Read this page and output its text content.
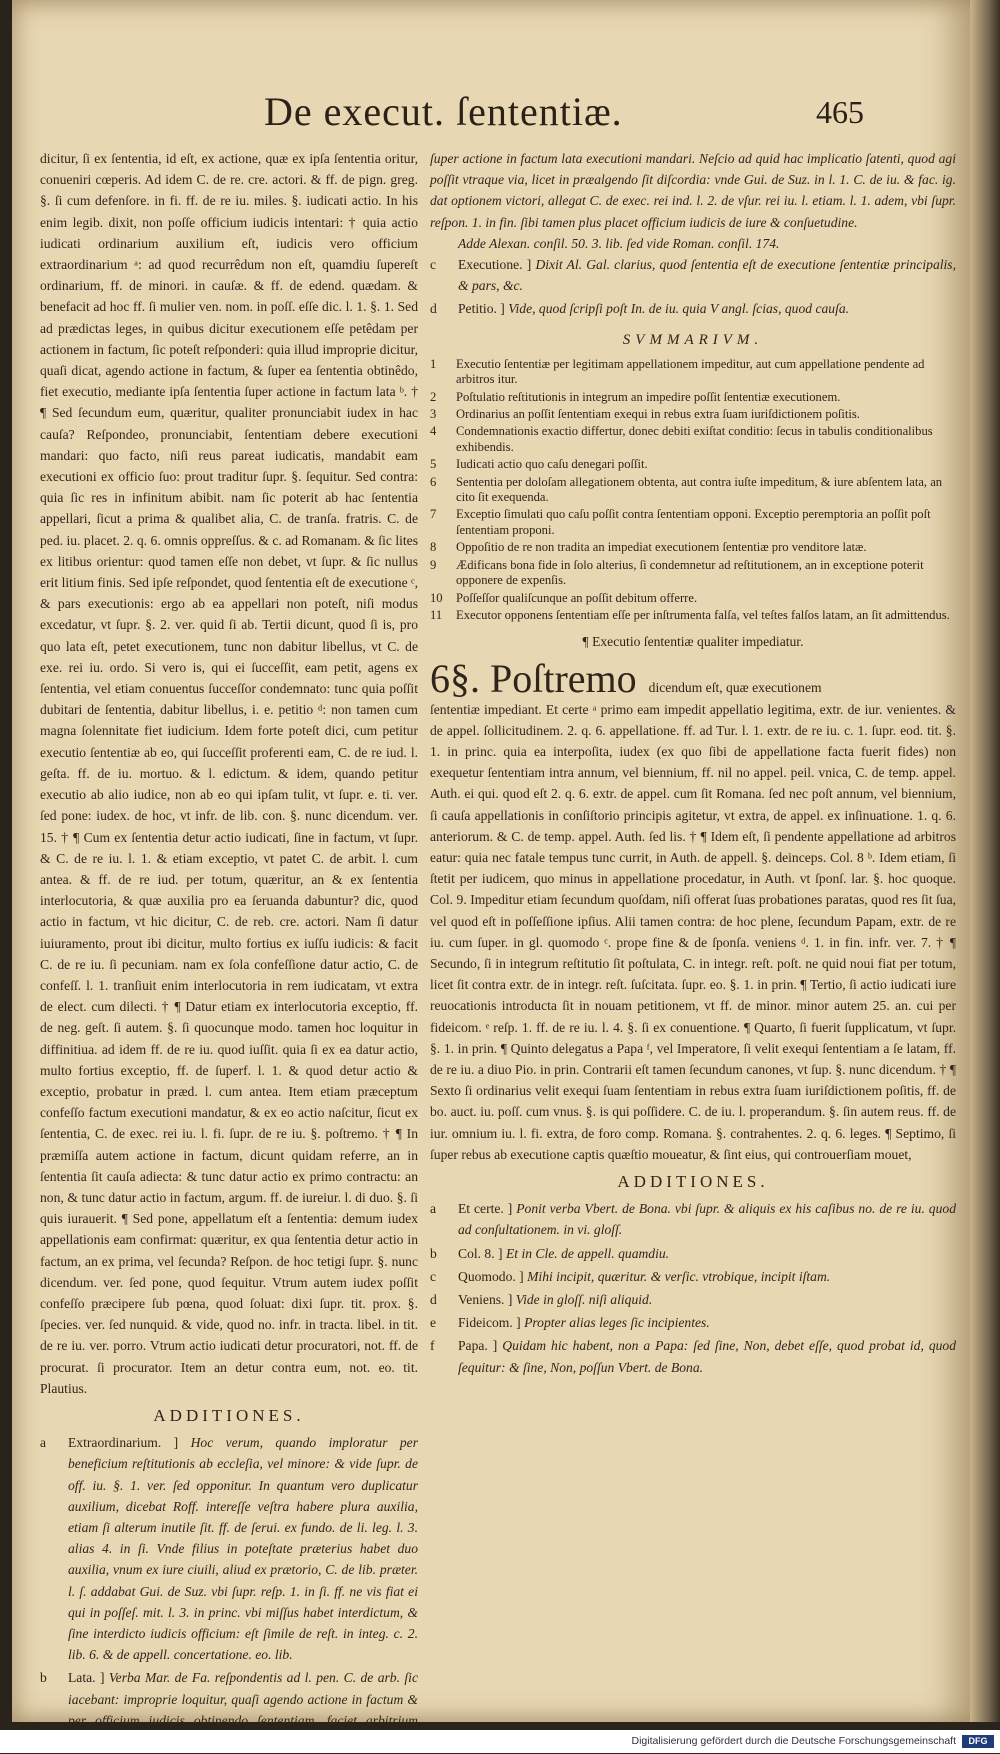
De execut. ſententiæ.	465

dicitur, ſi ex ſententia, id eſt, ex actione, quæ ex ipſa ſententia oritur, conueniri cœperis. Ad idem C. de re. cre. actori. & ff. de pign. greg. §. ſi cum defenſore. in fi. ff. de re iu. miles. §. iudicati actio. In his enim legib. dixit, non poſſe officium iudicis intentari: † quia actio iudicati ordinarium auxilium eſt, iudicis vero officium extraordinarium ᵃ: ad quod recurrêdum non eſt, quamdiu ſupereſt ordinarium, ff. de minori. in cauſæ. & ff. de edend. quædam. & benefacit ad hoc ff. ſi mulier ven. nom. in poſſ. eſſe dic. l. 1. §. 1. Sed ad prædictas leges, in quibus dicitur executionem eſſe petêdam per actionem in factum, ſic poteſt reſponderi: quia illud improprie dicitur, quaſi dicat, agendo actione in factum, & ſuper ea ſententia obtinêdo, fiet executio, mediante ipſa ſententia ſuper actione in factum lata ᵇ. † ¶ Sed ſecundum eum, quæritur, qualiter pronunciabit iudex in hac cauſa? Reſpondeo, pronunciabit, ſententiam debere executioni mandari: quo facto, niſi reus pareat iudicatis, mandabit eam executioni ex officio ſuo: prout traditur ſupr. §. ſequitur. Sed contra: quia ſic res in infinitum abibit. nam ſic poterit ab hac ſententia appellari, ſicut a prima & qualibet alia, C. de tranſa. fratris. C. de ped. iu. placet. 2. q. 6. omnis oppreſſus. & c. ad Romanam. & ſic lites ex litibus orientur: quod tamen eſſe non debet, vt ſupr. & ſic nullus erit litium finis. Sed ipſe reſpondet, quod ſententia eſt de executione ᶜ, & pars executionis: ergo ab ea appellari non poteſt, niſi modus excedatur, vt ſupr. §. 2. ver. quid ſi ab. Tertii dicunt, quod ſi is, pro quo lata eſt, petet executionem, tunc non dabitur libellus, vt C. de exe. rei iu. ordo. Si vero is, qui ei ſucceſſit, eam petit, agens ex ſententia, vel etiam conuentus ſucceſſor condemnato: tunc quia poſſit dubitari de ſententia, dabitur libellus, i. e. petitio ᵈ: non tamen cum magna ſolennitate fiet iudicium. Idem forte poteſt dici, cum petitur executio ſententiæ ab eo, qui ſucceſſit proferenti eam, C. de re iud. l. geſta. ff. de iu. mortuo. & l. edictum. & idem, quando petitur executio ab alio iudice, non ab eo qui ipſam tulit, vt ſupr. e. ti. ver. ſed pone: iudex. de hoc, vt infr. de lib. con. §. nunc dicendum. ver. 15. † ¶ Cum ex ſententia detur actio iudicati, ſine in factum, vt ſupr. & C. de re iu. l. 1. & etiam exceptio, vt patet C. de arbit. l. cum antea. & ff. de re iud. per totum, quæritur, an & ex ſententia interlocutoria, & quæ auxilia pro ea ſeruanda dabuntur? dic, quod actio in factum, vt hic dicitur, C. de reb. cre. actori. Nam ſi datur iuiuramento, prout ibi dicitur, multo fortius ex iuſſu iudicis: & facit C. de re iu. ſi pecuniam. nam ex ſola confeſſione datur actio, C. de confeſſ. l. 1. tranſiuit enim interlocutoria in rem iudicatam, vt extra de elect. cum dilecti. † ¶ Datur etiam ex interlocutoria exceptio, ff. de neg. geſt. ſi autem. §. ſi quocunque modo. tamen hoc loquitur in diffinitiua. ad idem ff. de re iu. quod iuſſit. quia ſi ex ea datur actio, multo fortius exceptio, ff. de ſuperf. l. 1. & quod detur actio & exceptio, probatur in præd. l. cum antea. Item etiam præceptum confeſſo factum executioni mandatur, & ex eo actio naſcitur, ſicut ex ſententia, C. de exec. rei iu. l. fi. ſupr. de re iu. §. poſtremo. † ¶ In præmiſſa autem actione in factum, dicunt quidam referre, an in ſententia ſit cauſa adiecta: & tunc datur actio ex primo contractu: an non, & tunc datur actio in factum, argum. ff. de iureiur. l. di duo. §. ſi quis iurauerit. ¶ Sed pone, appellatum eſt a ſententia: demum iudex appellationis eam confirmat: quæritur, ex qua ſententia detur actio in factum, an ex prima, vel ſecunda? Reſpon. de hoc tetigi ſupr. §. nunc dicendum. ver. ſed pone, quod ſequitur. Vtrum autem iudex poſſit confeſſo præcipere ſub pœna, quod ſoluat: dixi ſupr. tit. prox. §. ſpecies. ver. ſed nunquid. & vide, quod no. infr. in tracta. libel. in tit. de re iu. ver. porro. Vtrum actio iudicati detur procuratori, not. ff. de procurat. ſi procurator. Item an detur contra eum, not. eo. tit. Plautius.

ADDITIONES.
a	Extraordinarium. ] Hoc verum, quando imploratur per beneficium reſtitutionis ab eccleſia, vel minore: & vide ſupr. de off. iu. §. 1. ver. ſed opponitur. In quantum vero duplicatur auxilium, dicebat Roff. intereſſe veſtra habere plura auxilia, etiam ſi alterum inutile ſit. ff. de ſerui. ex fundo. de li. leg. l. 3. alias 4. in ſi. Vnde filius in poteſtate præterius habet duo auxilia, vnum ex iure ciuili, aliud ex prætorio, C. de lib. præter. l. ſ. addabat Gui. de Suz. vbi ſupr. reſp. 1. in ſi. ff. ne vis fiat ei qui in poſſeſ. mit. l. 3. in princ. vbi miſſus habet interdictum, & ſine interdicto iudicis officium: eſt ſimile de reſt. in integ. c. 2. lib. 6. & de appell. concertatione. eo. lib.
b	Lata. ] Verba Mar. de Fa. reſpondentis ad l. pen. C. de arb. ſic iacebant: improprie loquitur, quaſi agendo actione in factum & per officium iudicis obtinendo ſententiam, faciet arbitrium

ſuper actione in factum lata executioni mandari. Neſcio ad quid hac implicatio ſatenti, quod agi poſſit vtraque via, licet in præalgendo ſit diſcordia: vnde Gui. de Suz. in l. 1. C. de iu. & fac. ig. dat optionem victori, allegat C. de exec. rei ind. l. 2. de vſur. rei iu. l. etiam. l. 1. adem, vbi ſupr. reſpon. 1. in fin. ſibi tamen plus placet officium iudicis de iure & conſuetudine.

Adde Alexan. conſil. 50. 3. lib. ſed vide Roman. conſil. 174.

c	Executione. ] Dixit Al. Gal. clarius, quod ſententia eſt de executione ſententiæ principalis, & pars, &c.
d	Petitio. ] Vide, quod ſcripſi poſt In. de iu. quia V angl. ſcias, quod cauſa.
SVMMARIVM.
1	Executio ſententiæ per legitimam appellationem impeditur, aut cum appellatione pendente ad arbitros itur.
2	Poſtulatio reſtitutionis in integrum an impedire poſſit ſententiæ executionem.
3	Ordinarius an poſſit ſententiam exequi in rebus extra ſuam iuriſdictionem poſitis.
4	Condemnationis exactio differtur, donec debiti exiſtat conditio: ſecus in tabulis conditionalibus exhibendis.
5	Iudicati actio quo caſu denegari poſſit.
6	Sententia per doloſam allegationem obtenta, aut contra iuſte impeditum, & iure abſentem lata, an cito ſit exequenda.
7	Exceptio ſimulati quo caſu poſſit contra ſententiam opponi. Exceptio peremptoria an poſſit poſt ſententiam proponi.
8	Oppoſitio de re non tradita an impediat executionem ſententiæ pro venditore latæ.
9	Ædificans bona fide in ſolo alterius, ſi condemnetur ad reſtitutionem, an in exceptione poterit opponere de expenſis.
10	Poſſeſſor qualiſcunque an poſſit debitum offerre.
11	Executor opponens ſententiam eſſe per inſtrumenta falſa, vel teſtes falſos latam, an ſit admittendus.
¶ Executio ſententiæ qualiter impediatur.
6§. Poſtremo dicendum eſt, quæ executionem

ſententiæ impediant. Et certe ᵃ primo eam impedit appellatio legitima, extr. de iur. venientes. & de appel. ſollicitudinem. 2. q. 6. appellatione. ff. ad Tur. l. 1. extr. de re iu. c. 1. ſupr. eod. tit. §. 1. in princ. quia ea interpoſita, iudex (ex quo ſibi de appellatione facta fuerit fides) non exequetur ſententiam intra annum, vel biennium, ff. nil no appel. peil. vnica, C. de temp. appel. Auth. ei qui. quod eſt 2. q. 6. extr. de appel. cum ſit Romana. ſed nec poſt annum, vel biennium, ſi cauſa appellationis in conſiſtorio principis agitetur, vt extra, de appel. ex inſinuatione. 1. q. 6. anteriorum. & C. de temp. appel. Auth. ſed lis. † ¶ Idem eſt, ſi pendente appellatione ad arbitros eatur: quia nec fatale tempus tunc currit, in Auth. de appell. §. deinceps. Col. 8 ᵇ. Idem etiam, ſi ſtetit per iudicem, quo minus in appellatione procedatur, in Auth. vt ſponſ. lar. §. hoc quoque. Col. 9. Impeditur etiam ſecundum quoſdam, niſi offerat ſuas probationes paratas, quod res ſit ſua, vel quod eſt in poſſeſſione ipſius. Alii tamen contra: de hoc plene, ſecundum Papam, extr. de re iu. cum ſuper. in gl. quomodo ᶜ. prope fine & de ſponſa. veniens ᵈ. 1. in fin. infr. ver. 7. † ¶ Secundo, ſi in integrum reſtitutio ſit poſtulata, C. in integr. reſt. poſt. ne quid noui fiat per totum, licet ſit contra extr. de in integr. reſt. ſuſcitata. ſupr. eo. §. 1. in prin. ¶ Tertio, ſi actio iudicati iure reuocationis introducta ſit in nouam petitionem, vt ff. de minor. minor autem 25. an. cui per fideicom. ᵉ reſp. 1. ff. de re iu. l. 4. §. ſi ex conuentione. ¶ Quarto, ſi fuerit ſupplicatum, vt ſupr. §. 1. in prin. ¶ Quinto delegatus a Papa ᶠ, vel Imperatore, ſi velit exequi ſententiam a ſe latam, ff. de re iu. a diuo Pio. in prin. Contrarii eſt tamen ſecundum canones, vt ſup. §. nunc dicendum. † ¶ Sexto ſi ordinarius velit exequi ſuam ſententiam in rebus extra ſuam iuriſdictionem poſitis, ff. de bo. auct. iu. poſſ. cum vnus. §. is qui poſſidere. C. de iu. l. properandum. §. ſin autem reus. ff. de iur. omnium iu. l. fi. extra, de foro comp. Romana. §. contrahentes. 2. q. 6. leges. ¶ Septimo, ſi ſuper rebus ab executione captis quæſtio moueatur, & ſint eius, qui controuerſiam mouet,

ADDITIONES.
a	Et certe. ] Ponit verba Vbert. de Bona. vbi ſupr. & aliquis ex his caſibus no. de re iu. quod ad conſultationem. in vi. gloſſ.
b	Col. 8. ] Et in Cle. de appell. quamdiu.
c	Quomodo. ] Mihi incipit, quæritur. & verſic. vtrobique, incipit iſtam.
d	Veniens. ] Vide in gloſſ. niſi aliquid.
e	Fideicom. ] Propter alias leges ſic incipientes.
f	Papa. ] Quidam hic habent, non a Papa: ſed ſine, Non, debet eſſe, quod probat id, quod ſequitur: & ſine, Non, poſſun Vbert. de Bona.
Digitalisierung gefördert durch die Deutsche Forschungsgemeinschaft	DFG
